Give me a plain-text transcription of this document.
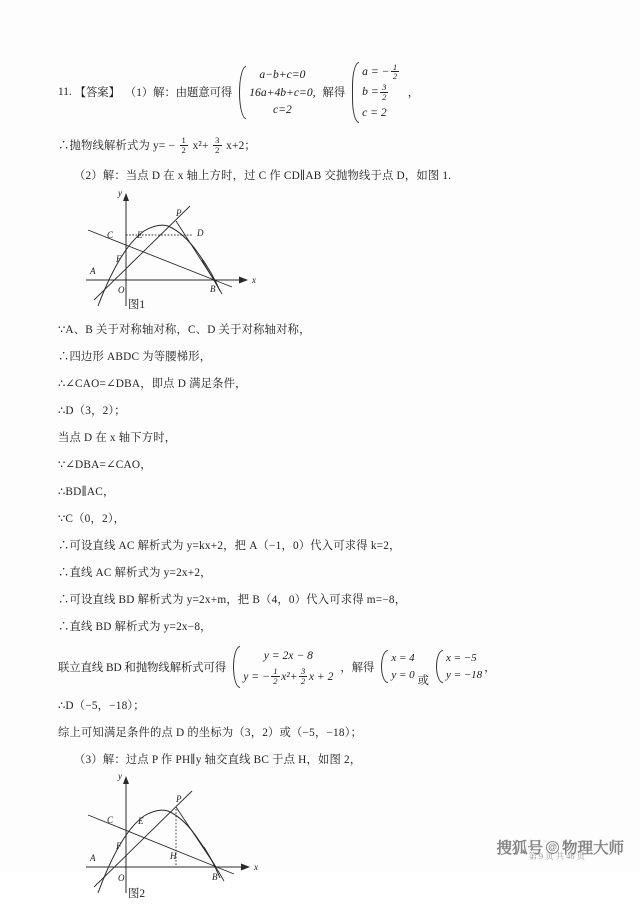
11. 【答案】 （1）解：由题意可得
a−b+c=0
16a+4b+c=0,
c=2
解得
a = − $\frac{1}{2}$
$b = \frac{3}{2}$
c = 2
，
∴抛物线解析式为 $y= - \frac{1}{2} x^2+ \frac{3}{2} x+2$；
（2）解：当点 D 在 x 轴上方时，过 C 作 CD∥AB 交抛物线于点 D，如图 1.
y
x
O
A
B
C	D
E
F
P
图1
∵A、B 关于对称轴对称，C、D 关于对称轴对称，
∴四边形 ABDC 为等腰梯形，
∴∠CAO=∠DBA，即点 D 满足条件，
∴D（3，2）；
当点 D 在 x 轴下方时，
∵∠DBA=∠CAO，
∴BD∥AC，
∵C（0，2），
∴可设直线 AC 解析式为 y=kx+2，把 A（−1，0）代入可求得 k=2，
∴直线 AC 解析式为 y=2x+2，
∴可设直线 BD 解析式为 y=2x+m，把 B（4，0）代入可求得 m=−8，
∴直线 BD 解析式为 y=2x−8，
联立直线 BD 和抛物线解析式可得
y = 2x − 8
y = − $\frac{1}{2} x^2+ \frac{3}{2}$ x + 2
，解得
x = 4
y = 0 或
x = −5
y = −18
，
∴D（−5，−18）；
综上可知满足条件的点 D 的坐标为（3，2）或（−5，−18）；
（3）解：过点 P 作 PH∥y 轴交直线 BC 于点 H，如图 2，
y
x
O
A
B
C	E
F
H
P
图2
第 9 页 共 46 页
搜狐号 @ 物理大师
